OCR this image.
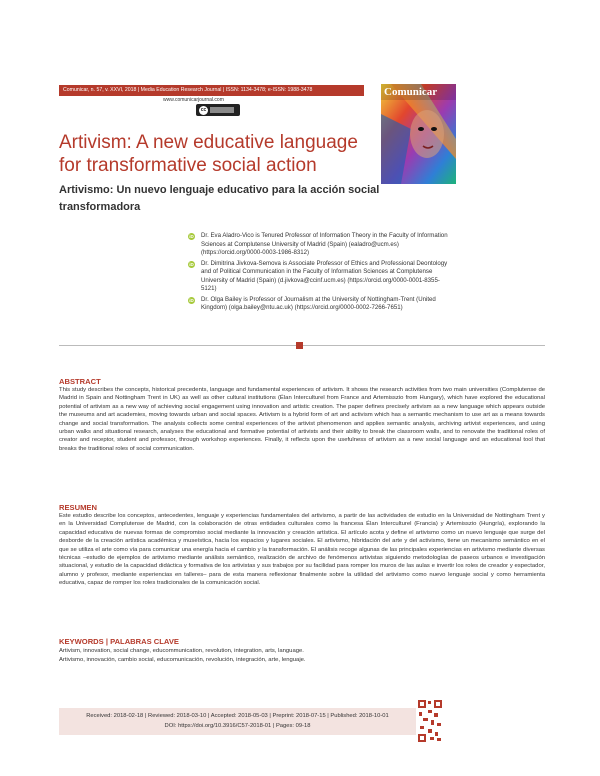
Comunicar, n. 57, v. XXVI, 2018 | Media Education Research Journal | ISSN: 1134-3478; e-ISSN: 1988-3478
www.comunicarjournal.com
cc
Comunicar
Artivism: A new educative language for transformative social action
Artivismo: Un nuevo lenguaje educativo para la acción social transformadora
iD Dr. Eva Aladro-Vico is Tenured Professor of Information Theory in the Faculty of Information Sciences at Complutense University of Madrid (Spain) (ealadro@ucm.es) (https://orcid.org/0000-0003-1986-8312)
iD Dr. Dimitrina Jivkova-Semova is Associate Professor of Ethics and Professional Deontology and of Political Communication in the Faculty of Information Sciences at Complutense University of Madrid (Spain) (d.jivkova@ccinf.ucm.es) (https://orcid.org/0000-0001-8355-5121)
iD Dr. Olga Bailey is Professor of Journalism at the University of Nottingham-Trent (United Kingdom) (olga.bailey@ntu.ac.uk) (https://orcid.org/0000-0002-7266-7651)
ABSTRACT
This study describes the concepts, historical precedents, language and fundamental experiences of artivism. It shows the research activities from two main universities (Complutense de Madrid in Spain and Nottingham Trent in UK) as well as other cultural institutions (Élan Interculturel from France and Artemisszio from Hungary), which have explored the educational potential of artivism as a new way of achieving social engagement using innovation and artistic creation. The paper defines precisely artivism as a new language which appears outside the museums and art academies, moving towards urban and social spaces. Artivism is a hybrid form of art and activism which has a semantic mechanism to use art as a means towards change and social transformation. The analysis collects some central experiences of the artivist phenomenon and applies semantic analysis, archiving artivist experiences, and using urban walks and situational research, analyses the educational and formative potential of artivists and their ability to break the classroom walls, and to renovate the traditional roles of creator and receptor, student and professor, through workshop experiences. Finally, it reflects upon the usefulness of artivism as a new social language and an educational tool that breaks the traditional roles of social communication.
RESUMEN
Este estudio describe los conceptos, antecedentes, lenguaje y experiencias fundamentales del artivismo, a partir de las actividades de estudio en la Universidad de Nottingham Trent y en la Universidad Complutense de Madrid, con la colaboración de otras entidades culturales como la francesa Élan Interculturel (Francia) y Artemisszio (Hungría), explorando la capacidad educativa de nuevas formas de compromiso social mediante la innovación y creación artística. El artículo acota y define el artivismo como un nuevo lenguaje que surge del desborde de la creación artística académica y museística, hacia los espacios y lugares sociales. El artivismo, hibridación del arte y del activismo, tiene un mecanismo semántico en el que se utiliza el arte como vía para comunicar una energía hacia el cambio y la transformación. El análisis recoge algunas de las principales experiencias en artivismo mediante diversas técnicas –estudio de ejemplos de artivismo mediante análisis semántico, realización de archivo de fenómenos artivistas siguiendo metodologías de paseos urbanos e investigación situacional, y estudio de la capacidad didáctica y formativa de los artivistas y sus trabajos por su facilidad para romper los muros de las aulas e invertir los roles de creador y espectador, alumno y profesor, mediante experiencias en talleres– para de esta manera reflexionar finalmente sobre la utilidad del artivismo como nuevo lenguaje social y como herramienta educativa, capaz de romper los roles tradicionales de la comunicación social.
KEYWORDS | PALABRAS CLAVE
Artivism, innovation, social change, educommunication, revolution, integration, arts, language.
Artivismo, innovación, cambio social, educomunicación, revolución, integración, arte, lenguaje.
Received: 2018-02-18 | Reviewed: 2018-03-10 | Accepted: 2018-05-03 | Preprint: 2018-07-15 | Published: 2018-10-01
DOI: https://doi.org/10.3916/C57-2018-01 | Pages: 09-18
